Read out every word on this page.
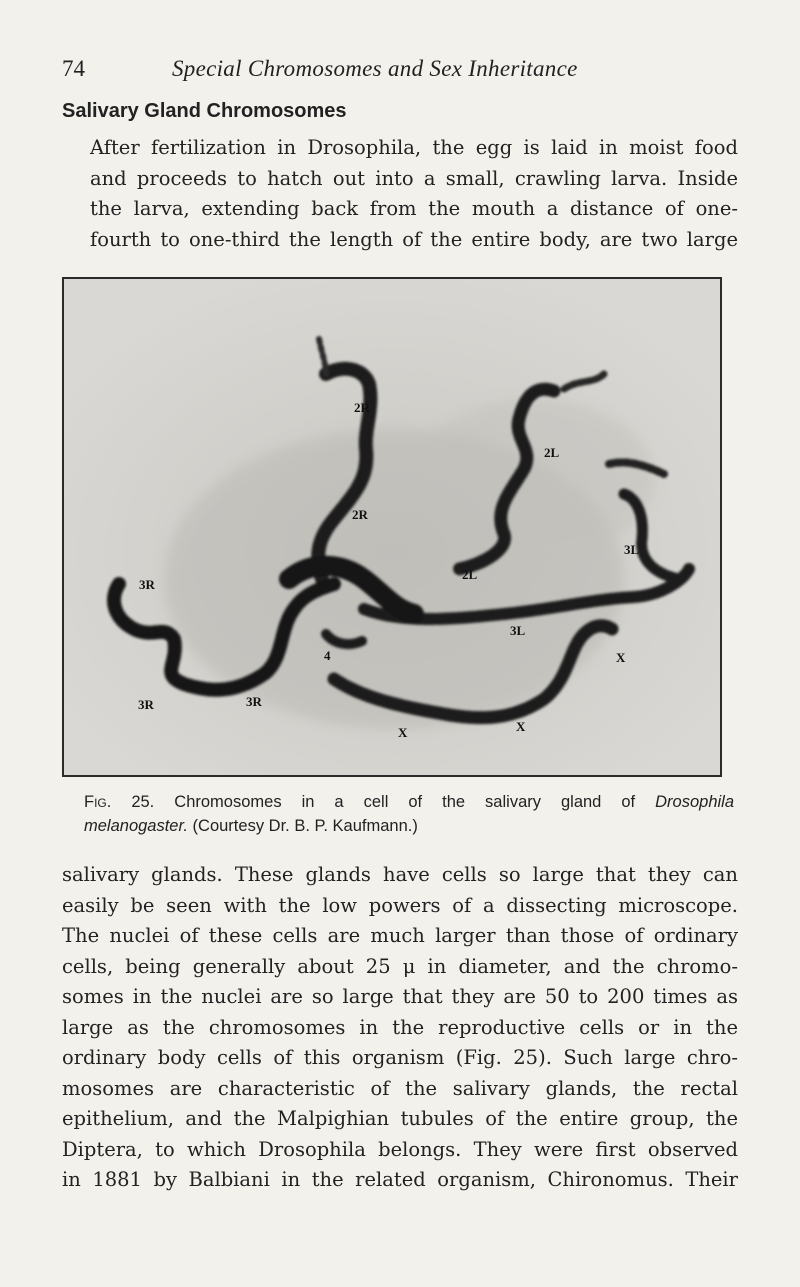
74	Special Chromosomes and Sex Inheritance
Salivary Gland Chromosomes

After fertilization in Drosophila, the egg is laid in moist food
and proceeds to hatch out into a small, crawling larva. Inside
the larva, extending back from the mouth a distance of one-
fourth to one-third the length of the entire body, are two large

2R
2R
2L
2L
3L
3L
3R
3R	3R
4	X
X	X
Fig. 25. Chromosomes in a cell of the salivary gland of Drosophila
melanogaster. (Courtesy Dr. B. P. Kaufmann.)

salivary glands. These glands have cells so large that they can
easily be seen with the low powers of a dissecting microscope.
The nuclei of these cells are much larger than those of ordinary
cells, being generally about 25 μ in diameter, and the chromo-
somes in the nuclei are so large that they are 50 to 200 times as
large as the chromosomes in the reproductive cells or in the
ordinary body cells of this organism (Fig. 25). Such large chro-
mosomes are characteristic of the salivary glands, the rectal
epithelium, and the Malpighian tubules of the entire group, the
Diptera, to which Drosophila belongs. They were first observed
in 1881 by Balbiani in the related organism, Chironomus. Their
